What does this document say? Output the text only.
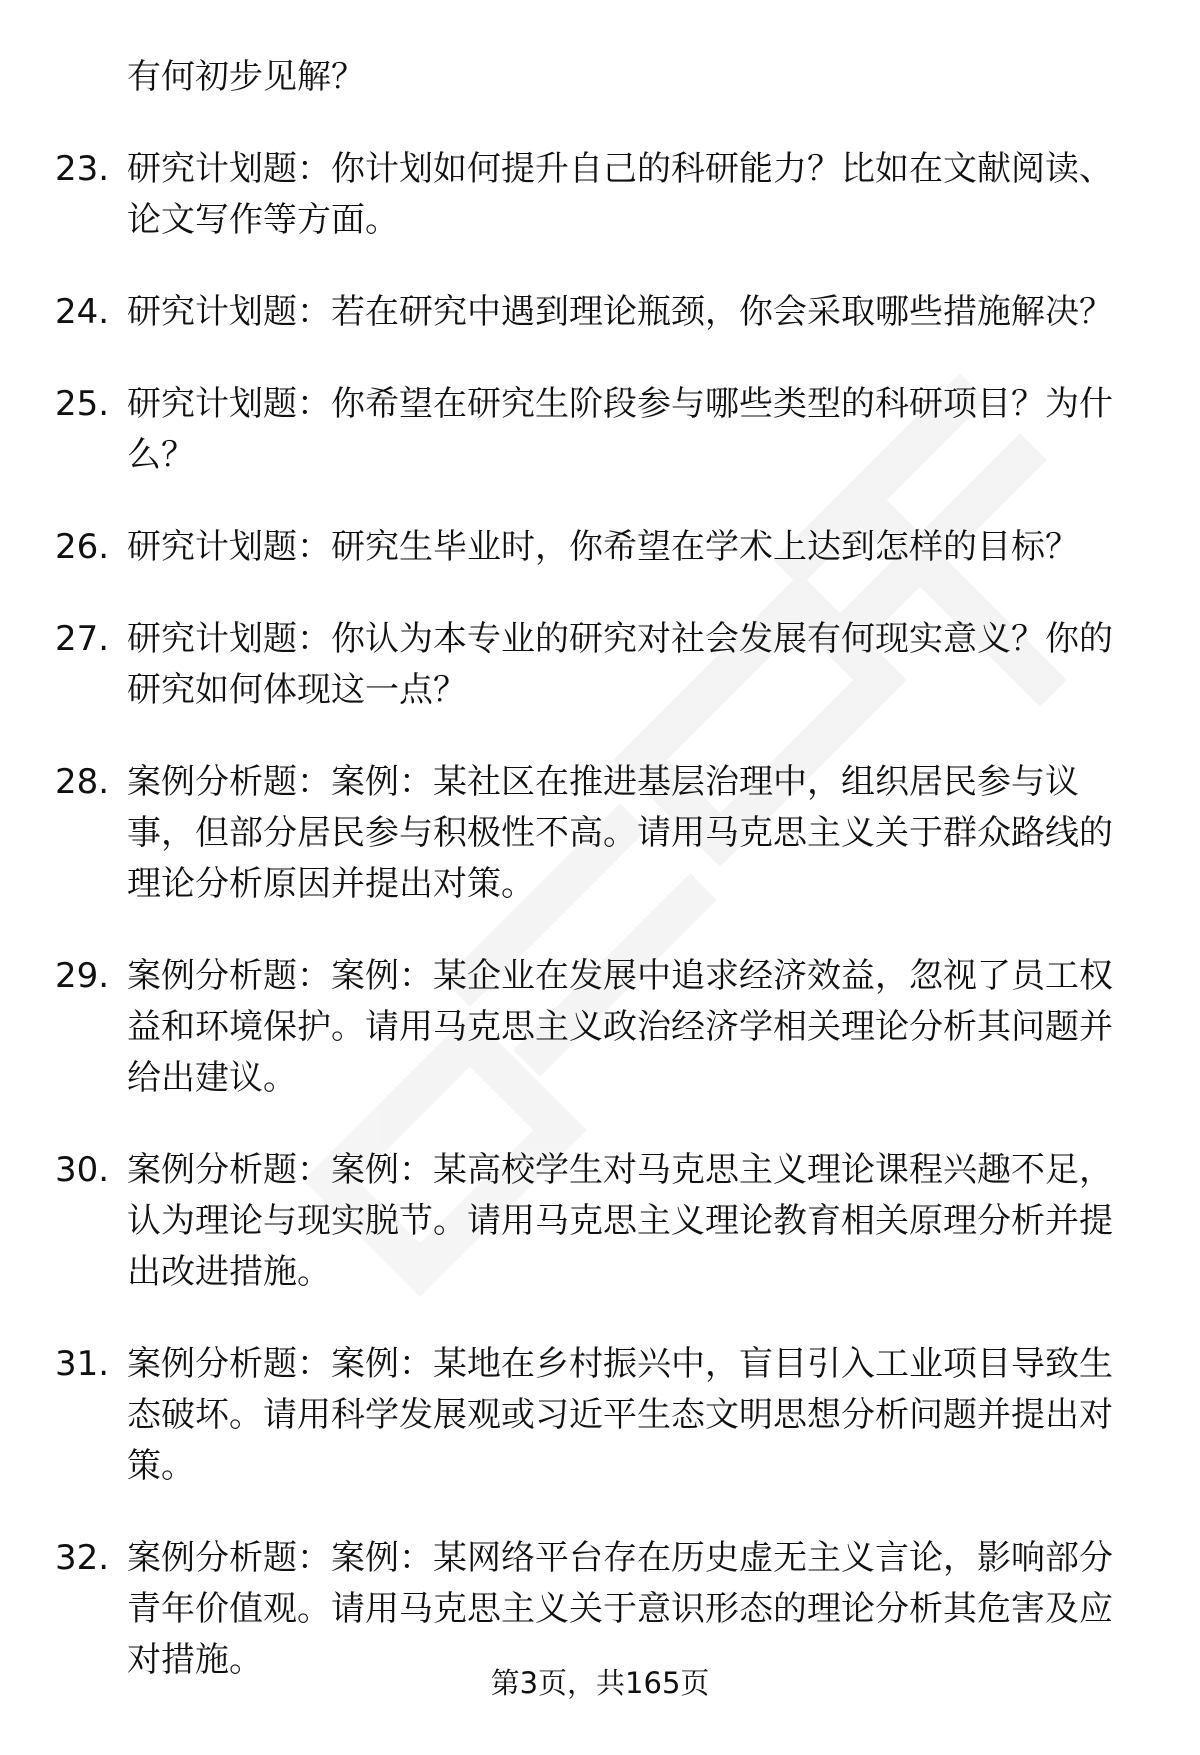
有何初步见解？

23. 研究计划题：你计划如何提升自己的科研能力？比如在文献阅读、论文写作等方面。
24. 研究计划题：若在研究中遇到理论瓶颈，你会采取哪些措施解决？
25. 研究计划题：你希望在研究生阶段参与哪些类型的科研项目？为什么？
26. 研究计划题：研究生毕业时，你希望在学术上达到怎样的目标？
27. 研究计划题：你认为本专业的研究对社会发展有何现实意义？你的研究如何体现这一点？
28. 案例分析题：案例：某社区在推进基层治理中，组织居民参与议事，但部分居民参与积极性不高。请用马克思主义关于群众路线的理论分析原因并提出对策。
29. 案例分析题：案例：某企业在发展中追求经济效益，忽视了员工权益和环境保护。请用马克思主义政治经济学相关理论分析其问题并给出建议。
30. 案例分析题：案例：某高校学生对马克思主义理论课程兴趣不足，认为理论与现实脱节。请用马克思主义理论教育相关原理分析并提出改进措施。
31. 案例分析题：案例：某地在乡村振兴中，盲目引入工业项目导致生态破坏。请用科学发展观或习近平生态文明思想分析问题并提出对策。
32. 案例分析题：案例：某网络平台存在历史虚无主义言论，影响部分青年价值观。请用马克思主义关于意识形态的理论分析其危害及应对措施。
第3页，共165页
